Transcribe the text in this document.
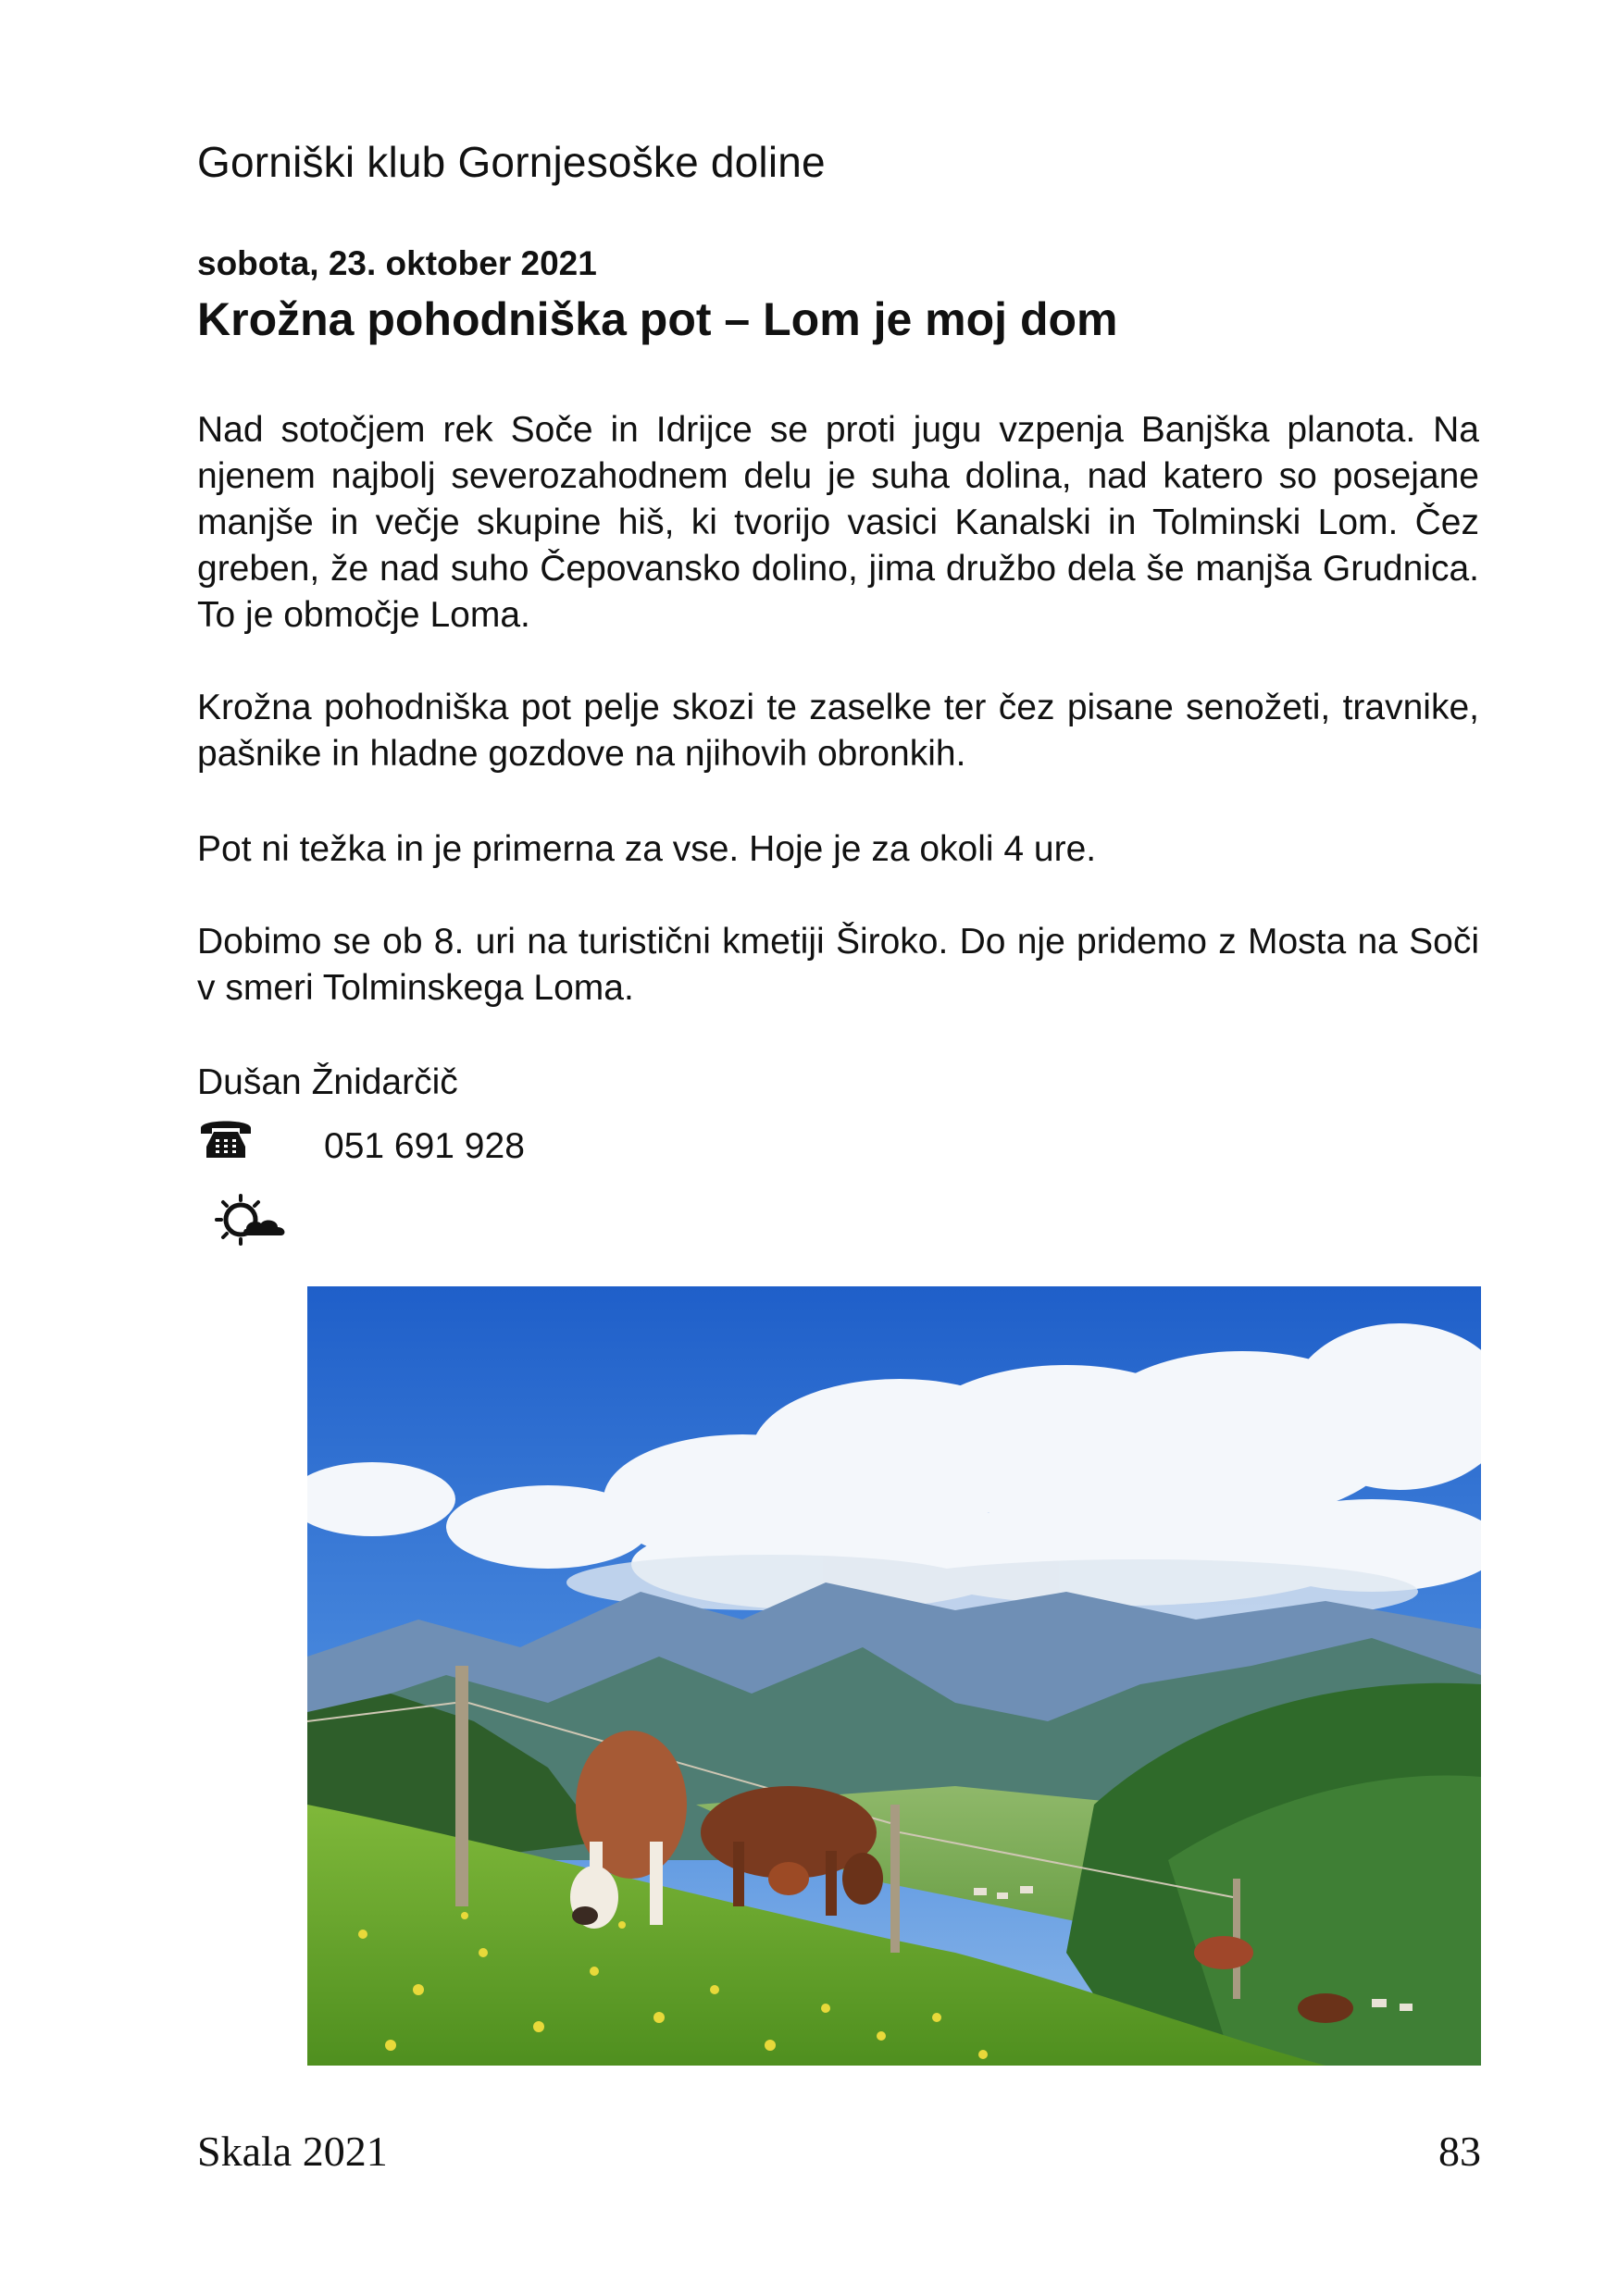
Gorniški klub Gornjesoške doline
sobota, 23. oktober 2021
Krožna pohodniška pot – Lom je moj dom

Nad sotočjem rek Soče in Idrijce se proti jugu vzpenja Banjška planota. Na njenem najbolj severozahodnem delu je suha dolina, nad katero so posejane manjše in večje skupine hiš, ki tvorijo vasici Kanalski in Tolminski Lom. Čez greben, že nad suho Čepovansko dolino, jima družbo dela še manjša Grudnica. To je območje Loma.

Krožna pohodniška pot pelje skozi te zaselke ter čez pisane senožeti, travnike, pašnike in hladne gozdove na njihovih obronkih.

Pot ni težka in je primerna za vse. Hoje je za okoli 4 ure.

Dobimo se ob 8. uri na turistični kmetiji Široko. Do nje pridemo z Mosta na Soči v smeri Tolminskega Loma.

Dušan Žnidarčič
051 691 928
Skala 2021	83
